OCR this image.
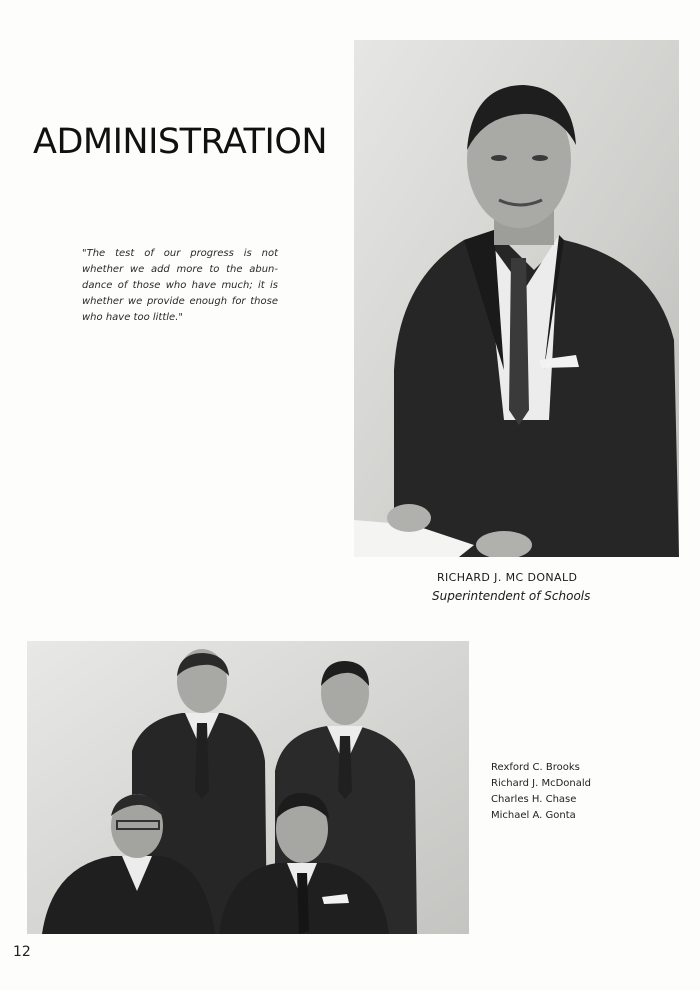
ADMINISTRATION
"The test of our progress is not whether we add more to the abun-dance of those who have much; it is whether we provide enough for those who have too little."
RICHARD J. MC DONALD
Superintendent of Schools
Rexford C. Brooks
Richard J. McDonald
Charles H. Chase
Michael A. Gonta
12
